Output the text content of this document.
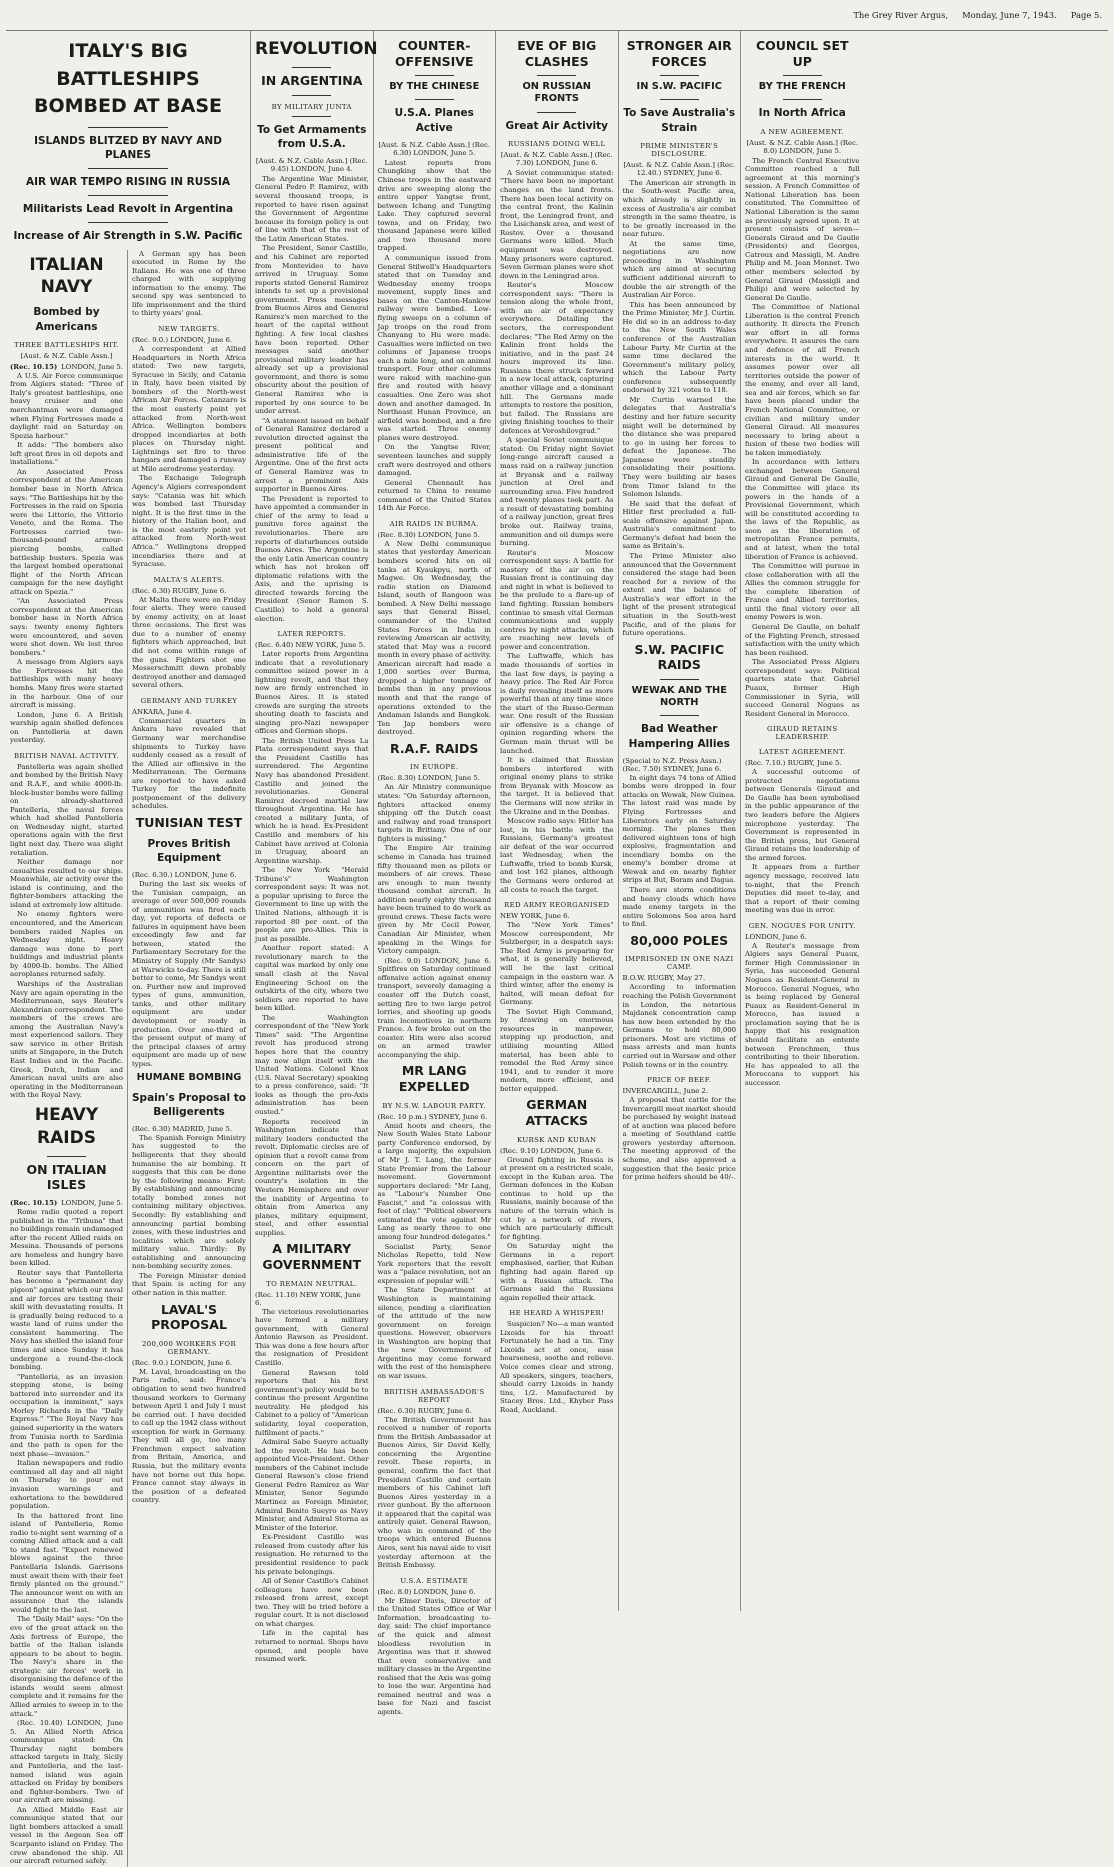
The Grey River Argus, Monday, June 7, 1943. Page 5.
ITALY'S BIG BATTLESHIPS BOMBED AT BASE
ISLANDS BLITZED BY NAVY AND PLANES
AIR WAR TEMPO RISING IN RUSSIA
Militarists Lead Revolt in Argentina
Increase of Air Strength in S.W. Pacific
ITALIAN NAVY
Bombed by Americans
THREE BATTLESHIPS HIT.
[Aust. & N.Z. Cable Assn.]
(Rec. 10.15) LONDON, June 5.

A U.S. Air Force communique from Algiers stated: "Three of Italy's greatest battleships, one heavy cruiser and one merchantman were damaged when Flying Fortresses made a daylight raid on Saturday on Spezia harbour."

It adds: "The bombers also left great fires in oil depots and installations."

An Associated Press correspondent at the American bomber base in North Africa says: "The Battleships hit by the Fortresses in the raid on Spezia were the Littorio, the Vittorio Veneto, and the Roma. The Fortresses carried two-thousand-pound armour-piercing bombs, called battleship busters. Spezia was the largest bombed operational flight of the North African campaign for the new daylight attack on Spezia."

"An Associated Press correspondent at the American bomber base in North Africa says: twenty enemy fighters were encountered, and seven were shot down. We lost three bombers."

A message from Algiers says the Fortresses hit the battleships with many heavy bombs. Many fires were started in the harbour. One of our aircraft is missing.

London, June 6. A British warship again shelled defences on Pantelleria at dawn yesterday.

BRITISH NAVAL ACTIVITY.

Pantelleria was again shelled and bombed by the British Navy and R.A.F., and while 4000-lb. block-buster bombs were falling on already-shattered Pantelleria, the naval forces which had shelled Pantelleria on Wednesday night, started operations again with the first light next day. There was slight retaliation.

Neither damage nor casualties resulted to our ships. Meanwhile, air activity over the island is continuing, and the fighter-bombers attacking the island at extremely low altitude.

No enemy fighters were encountered, and the American bombers raided Naples on Wednesday night. Heavy damage was done to port buildings and industrial plants by 4000-lb. bombs. The Allied aeroplanes returned safely.

Warships of the Australian Navy are again operating in the Mediterranean, says Reuter's Alexandrian correspondent. The members of the crews are among the Australian Navy's most experienced sailors. They saw service in other British units at Singapore, in the Dutch East Indies and in the Pacific. Greek, Dutch, Indian and American naval units are also operating in the Mediterranean with the Royal Navy.

HEAVY RAIDS
ON ITALIAN ISLES
(Rec. 10.15) LONDON, June 5.

Rome radio quoted a report published in the "Tribuna" that no buildings remain undamaged after the recent Allied raids on Messina. Thousands of persons are homeless and hungry have been killed.

Reuter says that Pantelleria has become a "permanent day pigeon" against which our naval and air forces are testing their skill with devastating results. It is gradually being reduced to a waste land of ruins under the consistent hammering. The Navy has shelled the island four times and since Sunday it has undergone a round-the-clock bombing.

"Pantelleria, as an invasion stepping stone, is being battered into surrender and its occupation is imminent," says Morley Richards in the "Daily Express." "The Royal Navy has gained superiority in the waters from Tunisia north to Sardinia and the path is open for the next phase—invasion."

Italian newspapers and radio continued all day and all night on Thursday to pour out invasion warnings and exhortations to the bewildered population.

In the battered front line island of Pantelleria, Rome radio to-night sent warning of a coming Allied attack and a call to stand fast. "Expect renewed blows against the three Pantellaria Islands. Garrisons must await them with their feet firmly planted on the ground." The announcer went on with an assurance that the islands would fight to the last.

The "Daily Mail" says: "On the eve of the great attack on the Axis fortress of Europe, the battle of the Italian islands appears to be about to begin. The Navy's share in the strategic air forces' work in disorganising the defence of the islands would seem almost complete and it remains for the Allied armies to sweep in to the attack."

(Rec. 10.40) LONDON, June 5. An Allied North Africa communique stated: On Thursday night bombers attacked targets in Italy, Sicily and Pantelleria, and the last-named island was again attacked on Friday by bombers and fighter-bombers. Two of our aircraft are missing.

An Allied Middle East air communique stated that our light bombers attacked a small vessel in the Aegean Sea off Scarpanto island on Friday. The crew abandoned the ship. All our aircraft returned safely.

A German spy has been executed in Rome by the Italians. He was one of three charged with supplying information to the enemy. The second spy was sentenced to life imprisonment and the third to thirty years' goal.

NEW TARGETS.
(Rec. 9.0.) LONDON, June 6.

A correspondent at Allied Headquarters in North Africa stated: Two new targets, Syracuse in Sicily, and Catania in Italy, have been visited by bombers of the North-west African Air Forces. Catanzaro is the most easterly point yet attacked from North-west Africa. Wellington bombers dropped incendiaries at both places on Thursday night. Lightnings set fire to three hangars and damaged a runway at Milo aerodrome yesterday.

The Exchange Telegraph Agency's Algiers correspondent says: "Catania was hit which was bombed last Thursday night. It is the first time in the history of the Italian boot, and is the most easterly point yet attacked from North-west Africa." Wellingtons dropped incendiaries there and at Syracuse.

MALTA'S ALERTS.
(Rec. 6.30) RUGBY, June 6.

At Malta there were on Friday four alerts. They were caused by enemy activity, on at least three occasions. The first was due to a number of enemy fighters which approached, but did not come within range of the guns. Fighters shot one Messerschmitt down probably destroyed another and damaged several others.

GERMANY AND TURKEY
ANKARA, June 4.

Commercial quarters in Ankara have revealed that Germany war merchandise shipments to Turkey have suddenly ceased as a result of the Allied air offensive in the Mediterranean. The Germans are reported to have asked Turkey for the indefinite postponement of the delivery schedules.

TUNISIAN TEST
Proves British Equipment
(Rec. 6.30.) LONDON, June 6.

During the last six weeks of the Tunisian campaign, an average of over 500,000 rounds of ammunition was fired each day, yet reports of defects or failures in equipment have been exceedingly few and far between, stated the Parliamentary Secretary for the Ministry of Supply (Mr Sandys) at Warwicks to-day. There is still better to come, Mr Sandys went on. Further new and improved types of guns, ammunition, tanks, and other military equipment are under development or ready in production. Over one-third of the present output of many of the principal classes of army equipment are made up of new types.

HUMANE BOMBING
Spain's Proposal to Belligerents
(Rec. 6.30) MADRID, June 5.

The Spanish Foreign Ministry has suggested to the belligerents that they should humanise the air bombing. It suggests that this can be done by the following means: First: By establishing and announcing totally bombed zones not containing military objectives. Secondly: By establishing and announcing partial bombing zones, with these industries and localities which are solely military value. Thirdly: By establishing and announcing non-bombing security zones.

The Foreign Minister denied that Spain is acting for any other nation in this matter.

LAVAL'S PROPOSAL
200,000 WORKERS FOR GERMANY.
(Rec. 9.0.) LONDON, June 6.

M. Laval, broadcasting on the Paris radio, said: France's obligation to send two hundred thousand workers to Germany between April 1 and July 1 must be carried out. I have decided to call up the 1942 class without exception for work in Germany. They will all go, too many Frenchmen expect salvation from Britain, America, and Russia, but the military events have not borne out this hope. France cannot stay always in the position of a defeated country.

REVOLUTION
IN ARGENTINA
BY MILITARY JUNTA
To Get Armaments from U.S.A.
[Aust. & N.Z. Cable Assn.] (Rec. 9.45) LONDON, June 4.

The Argentine War Minister, General Pedro P. Ramirez, with several thousand troops, is reported to have risen against the Government of Argentine because its foreign policy is out of line with that of the rest of the Latin American States.

The President, Senor Castillo, and his Cabinet are reported from Montevideo to have arrived in Uruguay. Some reports stated General Ramirez intends to set up a provisional government. Press messages from Buenos Aires and General Ramirez's men marched to the heart of the capital without fighting. A few local clashes have been reported. Other messages said another provisional military leader has already set up a provisional government, and there is some obscurity about the position of General Ramirez who is reported by one source to be under arrest.

"A statement issued on behalf of General Ramirez declared a revolution directed against the present political and administrative life of the Argentine. One of the first acts of General Ramirez was to arrest a prominent Axis supporter in Buenos Aires.

The President is reported to have appointed a commander in chief of the army to lead a punitive force against the revolutionaries. There are reports of disturbances outside Buenos Aires. The Argentine is the only Latin American country which has not broken off diplomatic relations with the Axis, and the uprising is directed towards forcing the President (Senor Ramon S. Castillo) to hold a general election.

LATER REPORTS.
(Rec. 6.40) NEW YORK, June 5.

Later reports from Argentina indicate that a revolutionary committee seized power in a lightning revolt, and that they now are firmly entrenched in Buenos Aires. It is stated crowds are surging the streets shouting death to fascists and singing pro-Nazi newspaper offices and German shops.

The British United Press La Plata correspondent says that the President Castillo has surrendered. The Argentine Navy has abandoned President Castillo and joined the revolutionaries. General Ramirez decreed martial law throughout Argentina. He has created a military Junta, of which he is head. Ex-President Castillo and members of his Cabinet have arrived at Colonia in Uruguay, aboard an Argentine warship.

The New York "Herald Tribune's" Washington correspondent says: It was not a popular uprising to force the Government to line up with the United Nations, although it is reported 80 per cent. of the people are pro-Allies. This is just as possible.

Another report stated: A revolutionary march to the capital was marked by only one small clash at the Naval Engineering School on the outskirts of the city, where two soldiers are reported to have been killed.

The Washington correspondent of the "New York Times" said: "The Argentine revolt has produced strong hopes here that the country may now align itself with the United Nations. Colonel Knox (U.S. Naval Secretary) speaking to a press conference, said: "It looks as though the pro-Axis administration has been ousted."

Reports received in Washington indicate that military leaders conducted the revolt. Diplomatic circles are of opinion that a revolt came from concern on the part of Argentine militarists over the country's isolation in the Western Hemisphere and over the inability of Argentina to obtain from America any planes, military equipment, steel, and other essential supplies.

A MILITARY GOVERNMENT
TO REMAIN NEUTRAL.
(Rec. 11.10) NEW YORK, June 6.

The victorious revolutionaries have formed a military government, with General Antonio Rawson as President. This was done a few hours after the resignation of President Castillo.

General Rawson told reporters that his first government's policy would be to continue the present Argentine neutrality. He pledged his Cabinet to a policy of "American solidarity, loyal cooperation, fulfilment of pacts."

Admiral Sabe Sueyro actually led the revolt. He has been appointed Vice-President. Other members of the Cabinet include General Rawson's close friend General Pedro Ramirez as War Minister, Senor Segundo Martinez as Foreign Minister, Admiral Benito Sueyro as Navy Minister, and Admiral Storna as Minister of the Interior.

Ex-President Castillo was released from custody after his resignation. He returned to the presidential residence to pack his private belongings.

All of Senor Castillo's Cabinet colleagues have now been released from arrest, except two. They will be tried before a regular court. It is not disclosed on what charges.

Life in the capital has returned to normal. Shops have opened, and people have resumed work.

COUNTER-OFFENSIVE
BY THE CHINESE
U.S.A. Planes Active
[Aust. & N.Z. Cable Assn.] (Rec. 6.30) LONDON, June 5.

Latest reports from Chungking show that the Chinese troops in the eastward drive are sweeping along the entire upper Yangtse front, between Ichang and Tungting Lake. They captured several towns, and on Friday, two thousand Japanese were killed and two thousand more trapped.

A communique issued from General Stilwell's Headquarters stated that on Tuesday and Wednesday enemy troops movement, supply lines and bases on the Canton-Hankow railway were bombed. Low-flying sweeps on a column of Jap troops on the road from Chanyang to Hu were made. Casualties were inflicted on two columns of Japanese troops each a mile long, and on animal transport. Four other columns were raked with machine-gun fire and routed with heavy casualties. One Zero was shot down and another damaged. In Northeast Hunan Province, an airfield was bombed, and a fire was started. Three enemy planes were destroyed.

On the Yangtse River, seventeen launches and supply craft were destroyed and others damaged.

General Chennault has returned to China to resume command of the United States 14th Air Force.

AIR RAIDS IN BURMA.
(Rec. 8.30) LONDON, June 5.

A New Delhi communique states that yesterday American bombers scored hits on oil tanks at Kyaukpyu, north of Magwe. On Wednesday, the radio station on Diamond Island, south of Rangoon was bombed. A New Delhi message says that General Bissel, commander of the United States Forces in India in reviewing American air activity, stated that May was a record month in every phase of activity. American aircraft had made a 1,000 sorties over Burma, dropped a higher tonnage of bombs than in any previous month and that the range of operations extended to the Andaman Islands and Bangkok. Ten Jap bombers were destroyed.

R.A.F. RAIDS
IN EUROPE.
(Rec. 8.30) LONDON, June 5.

An Air Ministry communique states: "On Saturday afternoon, fighters attacked enemy shipping off the Dutch coast and railway and road transport targets in Brittany. One of our fighters is missing."

The Empire Air training scheme in Canada has trained fifty thousand men as pilots or members of air crews. These are enough to man twenty thousand combat aircraft. In addition nearly eighty thousand have been trained to do work as ground crews. These facts were given by Mr Cecil Power, Canadian Air Minister, when speaking in the Wings for Victory campaign.

(Rec. 9.0) LONDON, June 6. Spitfires on Saturday continued offensive action against enemy transport, severely damaging a coaster off the Dutch coast, setting fire to two large petrol lorries, and shooting up goods train locomotives in northern France. A few broke out on the coaster. Hits were also scored on an armed trawler accompanying the ship.

MR LANG EXPELLED
BY N.S.W. LABOUR PARTY.
(Rec. 10 p.m.) SYDNEY, June 6.

Amid hoots and cheers, the New South Wales State Labour party Conference endorsed, by a large majority, the expulsion of Mr J. T. Lang, the former State Premier from the Labour movement. Government supporters declared: "Mr Lang, as "Labour's Number One Fascist," and "a colossus with feet of clay." "Political observers estimated the vote against Mr Lang as nearly three to one among four hundred delegates."

Socialist Party, Senor Nicholas Repetto, told New York reporters that the revolt was a "palace revolution, not an expression of popular will."

The State Department at Washington is maintaining silence, pending a clarification of the attitude of the new government on foreign questions. However, observers in Washington are hoping that the new Government of Argentina may come forward with the rest of the hemisphere on war issues.

BRITISH AMBASSADOR'S REPORT
(Rec. 6.30) RUGBY, June 6.

The British Government has received a number of reports from the British Ambassador at Buenos Aires, Sir David Kelly, concerning the Argentine revolt. These reports, in general, confirm the fact that President Castillo and certain members of his Cabinet left Buenos Aires yesterday in a river gunboat. By the afternoon it appeared that the capital was entirely quiet. General Rawson, who was in command of the troops which entered Buenos Aires, sent his naval aide to visit yesterday afternoon at the British Embassy.

U.S.A. ESTIMATE
(Rec. 8.0) LONDON, June 6.

Mr Elmer Davis, Director of the United States Office of War Information, broadcasting to-day, said: The chief importance of the quick and almost bloodless revolution in Argentina was that it showed that even conservative and military classes in the Argentine realised that the Axis was going to lose the war. Argentina had remained neutral and was a base for Nazi and fascist agents.

EVE OF BIG CLASHES
ON RUSSIAN FRONTS
Great Air Activity
RUSSIANS DOING WELL
[Aust. & N.Z. Cable Assn.] (Rec. 7.30) LONDON, June 6.

A Soviet communique stated: "There have been no important changes on the land fronts. There has been local activity on the central front, the Kalinin front, the Leningrad front, and the Lisichansk area, and west of Rostov. Over a thousand Germans were killed. Much equipment was destroyed. Many prisoners were captured. Seven German planes were shot down in the Leningrad area.

Reuter's Moscow correspondent says: "There is tension along the whole front, with an air of expectancy everywhere. Detailing the sectors, the correspondent declares: "The Red Army on the Kalinin front holds the initiative, and in the past 24 hours improved its line. Russians there struck forward in a new local attack, capturing another village and a dominant hill. The Germans made attempts to restore the position, but failed. The Russians are giving finishing touches to their defences at Voroshilovgrad."

A special Soviet communique stated: On Friday night Soviet long-range aircraft caused a mass raid on a railway junction at Bryansk and a railway junction at Orel and surrounding area. Five hundred and twenty planes took part. As a result of devastating bombing of a railway junction, great fires broke out. Railway trains, ammunition and oil dumps were burning.

Reuter's Moscow correspondent says: A battle for mastery of the air on the Russian front is continuing day and night in what is believed to be the prelude to a flare-up of land fighting. Russian bombers continue to smash vital German communications and supply centres by night attacks, which are reaching new levels of power and concentration.

The Luftwaffe, which has made thousands of sorties in the last few days, is paying a heavy price. The Red Air Force is daily revealing itself as more powerful than at any time since the start of the Russo-German war. One result of the Russian air offensive is a change of opinion regarding where the German main thrust will be launched.

It is claimed that Russian bombers interfered with original enemy plans to strike from Bryansk with Moscow as the target. It is believed that the Germans will now strike in the Ukraine and in the Donbas.

Moscow radio says: Hitler has lost, in his battle with the Russians, Germany's greatest air defeat of the war occurred last Wednesday, when the Luftwaffe, tried to bomb Kursk, and lost 162 planes, although the Germans were ordered at all costs to reach the target.

RED ARMY REORGANISED
NEW YORK, June 6.

The "New York Times" Moscow correspondent, Mr Sulzberger, in a despatch says: The Red Army is preparing for what, it is generally believed, will be the last critical campaign in the eastern war. A third winter, after the enemy is halted, will mean defeat for Germany.

The Soviet High Command, by drawing on enormous resources in manpower, stepping up production, and utilising mounting Allied material, has been able to remodel the Red Army since 1941, and to render it more modern, more efficient, and better equipped.

GERMAN ATTACKS
KURSK AND KUBAN
(Rec. 9.10) LONDON, June 6.

Ground fighting in Russia is at present on a restricted scale, except in the Kuban area. The German defences in the Kuban continue to hold up the Russians, mainly because of the nature of the terrain which is cut by a network of rivers, which are particularly difficult for fighting.

On Saturday night the Germans in a report emphasised, earlier, that Kuban fighting had again flared up with a Russian attack. The Germans said the Russians again repelled their attack.

HE HEARD A WHISPER!

Suspicion? No—a man wanted Lixoids for his throat! Fortunately he had a tin. Tiny Lixoids act at once, ease hoarseness, soothe and relieve. Voice comes clear and strong. All speakers, singers, teachers, should carry Lixoids in handy tins, 1/2. Manufactured by Stacey Bros. Ltd., Khyber Pass Road, Auckland.

STRONGER AIR FORCES
IN S.W. PACIFIC
To Save Australia's Strain
PRIME MINISTER'S DISCLOSURE.
[Aust. & N.Z. Cable Assn.] (Rec. 12.40.) SYDNEY, June 6.

The American air strength in the South-west Pacific area, which already is slightly in excess of Australia's air combat strength in the same theatre, is to be greatly increased in the near future.

At the same time, negotiations are now proceeding in Washington which are aimed at securing sufficient additional aircraft to double the air strength of the Australian Air Force.

This has been announced by the Prime Minister, Mr J. Curtin. He did so in an address to-day to the New South Wales conference of the Australian Labour Party. Mr Curtin at the same time declared the Government's military policy, which the Labour Party conference subsequently endorsed by 321 votes to 118.

Mr Curtin warned the delegates that Australia's destiny and her future security might well be determined by the distance she was prepared to go in using her forces to defeat the Japanese. The Japanese were steadily consolidating their positions. They were building air bases from Timor Island to the Solomon Islands.

He said that the defeat of Hitler first precluded a full-scale offensive against Japan. Australia's commitment to Germany's defeat had been the same as Britain's.

The Prime Minister also announced that the Government considered the stage had been reached for a review of the extent and the balance of Australia's war effort in the light of the present strategical situation in the South-west Pacific, and of the plans for future operations.

S.W. PACIFIC RAIDS
WEWAK AND THE NORTH
Bad Weather Hampering Allies
(Special to N.Z. Press Assn.) (Rec. 7.50) SYDNEY, June 6.

In eight days 74 tons of Allied bombs were dropped in four attacks on Wewak, New Guinea. The latest raid was made by Flying Fortresses and Liberators early on Saturday morning. The planes then delivered eighteen tons of high explosive, fragmentation and incendiary bombs on the enemy's bomber drome at Wewak and on nearby fighter strips at But, Boram and Dagua.

There are storm conditions and heavy clouds which have made enemy targets in the entire Solomons Sea area hard to find.

80,000 POLES
IMPRISONED IN ONE NAZI CAMP.
B.O.W. RUGBY, May 27.

According to information reaching the Polish Government in London, the notorious Majdanek concentration camp has now been extended by the Germans to hold 80,000 prisoners. Most are victims of mass arrests and man hunts carried out in Warsaw and other Polish towns or in the country.

PRICE OF BEEF.
INVERCARGILL, June 2.

A proposal that cattle for the Invercargill meat market should be purchased by weight instead of at auction was placed before a meeting of Southland cattle growers yesterday afternoon. The meeting approved of the scheme, and also approved a suggestion that the basic price for prime heifers should be 40/-.

COUNCIL SET UP
BY THE FRENCH
In North Africa
A NEW AGREEMENT.
[Aust. & N.Z. Cable Assn.] (Rec. 8.0) LONDON, June 5.

The French Central Executive Committee reached a full agreement at this morning's session. A French Committee of National Liberation has been constituted. The Committee of National Liberation is the same as previously agreed upon. It at present consists of seven—Generals Giraud and De Gaulle (Presidents) and Georges, Catroux and Massigli, M. Andre Philip and M. Jean Monnet. Two other members selected by General Giraud (Massigli and Philip) and were selected by General De Gaulle.

The Committee of National Liberation is the central French authority. It directs the French war effort in all forms everywhere. It assures the care and defence of all French interests in the world. It assumes power over all territories outside the power of the enemy, and over all land, sea and air forces, which so far have been placed under the French National Committee, or civilian and military under General Giraud. All measures necessary to bring about a fusion of these two bodies will be taken immediately.

In accordance with letters exchanged between General Giraud and General De Gaulle, the Committee will place its powers in the hands of a Provisional Government, which will be constituted according to the laws of the Republic, as soon as the liberation of metropolitan France permits, and at latest, when the total liberation of France is achieved.

The Committee will pursue in close collaboration with all the Allies the common struggle for the complete liberation of France and Allied territories, until the final victory over all enemy Powers is won.

General De Gaulle, on behalf of the Fighting French, stressed satisfaction with the unity which has been realised.

The Associated Press Algiers correspondent says: Political quarters state that Gabriel Puaux, former High Commissioner in Syria, will succeed General Nogues as Resident General in Morocco.

GIRAUD RETAINS LEADERSHIP.
LATEST AGREEMENT.
(Rec. 7.10.) RUGBY, June 5.

A successful outcome of protracted negotiations between Generals Giraud and De Gaulle has been symbolised in the public appearance of the two leaders before the Algiers microphone yesterday. The Government is represented in the British press, but General Giraud retains the leadership of the armed forces.

It appears from a further agency message, received late to-night, that the French Deputies did meet to-day, and that a report of their coming meeting was due in error.

GEN. NOGUES FOR UNITY.
LONDON, June 6.

A Reuter's message from Algiers says General Puaux, former High Commissioner in Syria, has succeeded General Nogues as Resident-General in Morocco. General Nogues, who is being replaced by General Puaux as Resident-General in Morocco, has issued a proclamation saying that he is happy that his resignation should facilitate an entente between Frenchmen, thus contributing to their liberation. He has appealed to all the Moroccans to support his successor.
